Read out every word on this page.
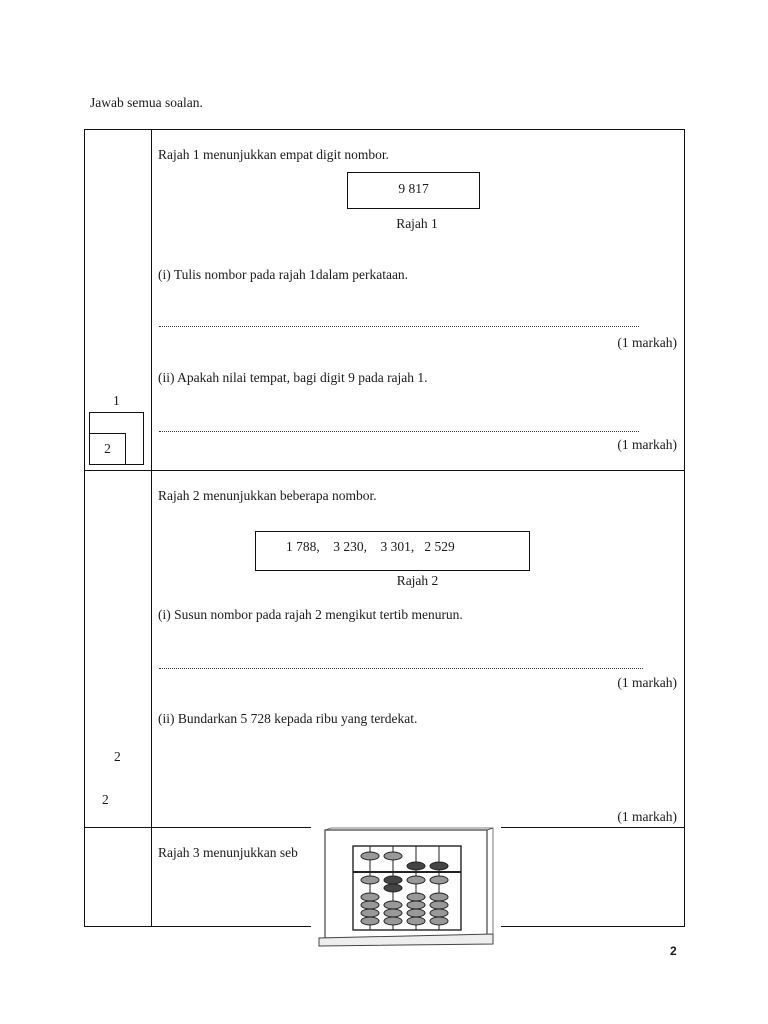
Jawab semua soalan.
Rajah 1 menunjukkan empat digit nombor.
9 817
Rajah 1
(i) Tulis nombor pada rajah 1dalam perkataan.
(1 markah)
(ii) Apakah nilai tempat, bagi digit 9 pada rajah 1.
(1 markah)
1
2
Rajah 2 menunjukkan beberapa nombor.
1 788,    3 230,    3 301,   2 529
Rajah 2
(i) Susun nombor pada rajah 2 mengikut tertib menurun.
(1 markah)
(ii) Bundarkan 5 728 kepada ribu yang terdekat.
(1 markah)
2
2
Rajah 3 menunjukkan seb
2
